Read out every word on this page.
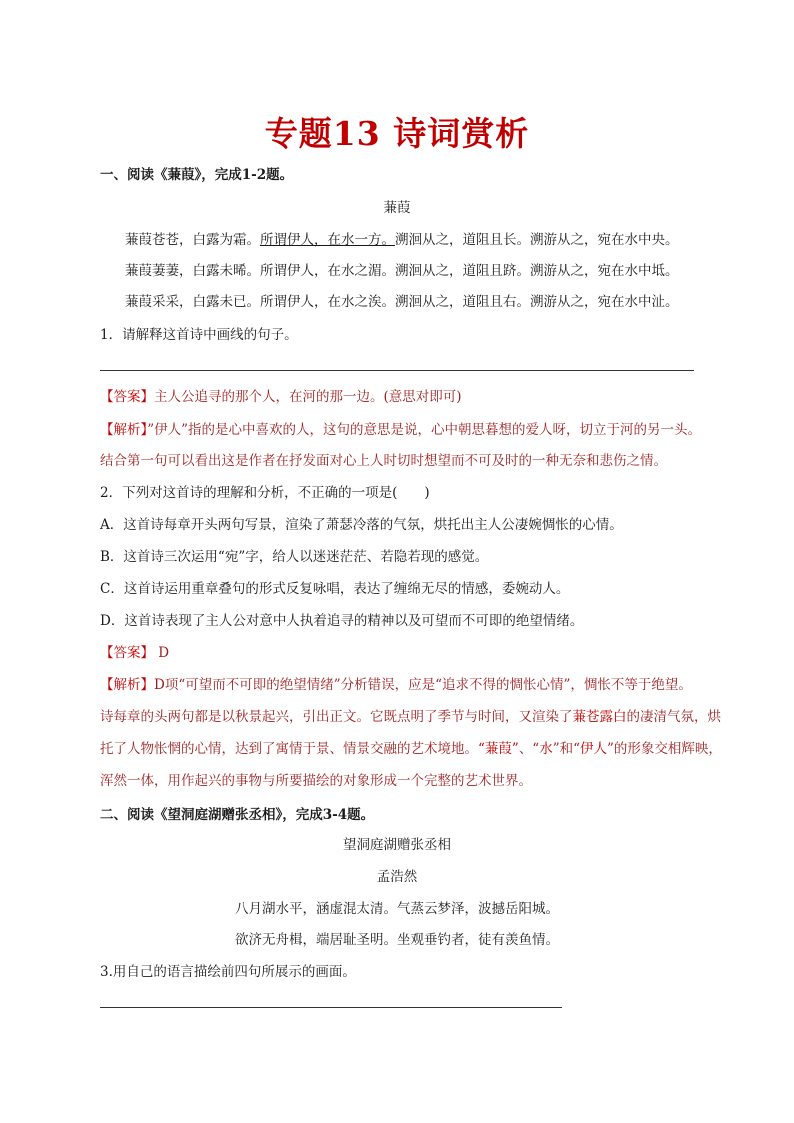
专题13 诗词赏析
一、阅读《蒹葭》，完成1-2题。
蒹葭
蒹葭苍苍，白露为霜。所谓伊人，在水一方。溯洄从之，道阻且长。溯游从之，宛在水中央。
蒹葭萋萋，白露未晞。所谓伊人，在水之湄。溯洄从之，道阻且跻。溯游从之，宛在水中坻。
蒹葭采采，白露未已。所谓伊人，在水之涘。溯洄从之，道阻且右。溯游从之，宛在水中沚。
1．请解释这首诗中画线的句子。
【答案】主人公追寻的那个人，在河的那一边。(意思对即可)
【解析】”伊人”指的是心中喜欢的人，这句的意思是说，心中朝思暮想的爱人呀，切立于河的另一头。
结合第一句可以看出这是作者在抒发面对心上人时切时想望而不可及时的一种无奈和悲伤之情。
2．下列对这首诗的理解和分析，不正确的一项是(　　)
A．这首诗每章开头两句写景，渲染了萧瑟冷落的气氛，烘托出主人公凄婉惆怅的心情。
B．这首诗三次运用“宛”字，给人以迷迷茫茫、若隐若现的感觉。
C．这首诗运用重章叠句的形式反复咏唱，表达了缠绵无尽的情感，委婉动人。
D．这首诗表现了主人公对意中人执着追寻的精神以及可望而不可即的绝望情绪。
【答案】 D
【解析】D项“可望而不可即的绝望情绪”分析错误，应是“追求不得的惆怅心情”，惆怅不等于绝望。
诗每章的头两句都是以秋景起兴，引出正文。它既点明了季节与时间，又渲染了蒹苍露白的凄清气氛，烘
托了人物怅惘的心情，达到了寓情于景、情景交融的艺术境地。“蒹葭”、“水”和“伊人”的形象交相辉映，
浑然一体，用作起兴的事物与所要描绘的对象形成一个完整的艺术世界。
二、阅读《望洞庭湖赠张丞相》，完成3-4题。
望洞庭湖赠张丞相
孟浩然
八月湖水平，涵虚混太清。气蒸云梦泽，波撼岳阳城。
欲济无舟楫，端居耻圣明。坐观垂钓者，徒有羡鱼情。
3.用自己的语言描绘前四句所展示的画面。
